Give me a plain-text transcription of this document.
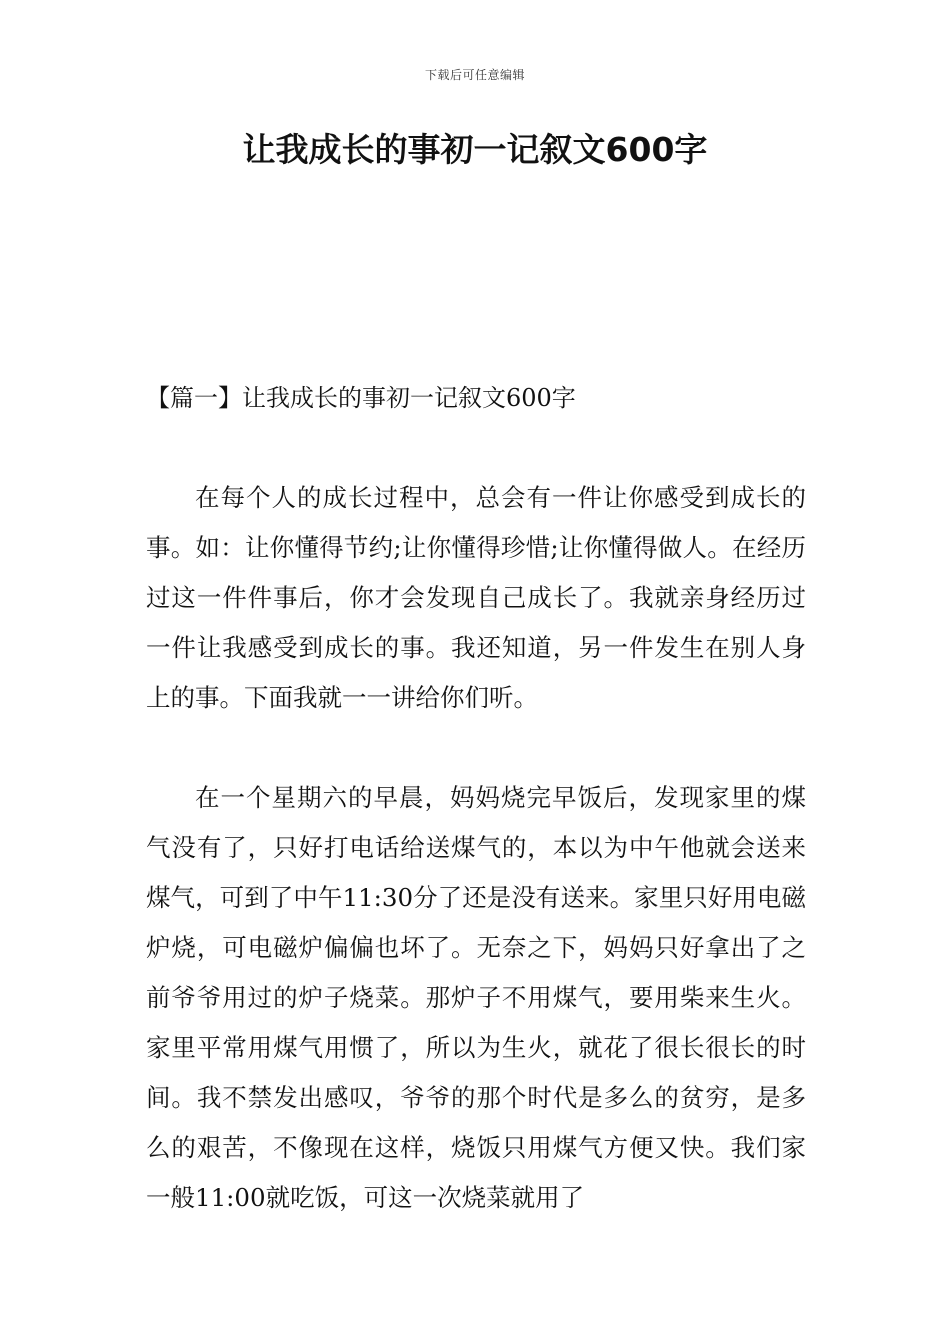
下载后可任意编辑
让我成长的事初一记叙文600字
【篇一】让我成长的事初一记叙文600字

在每个人的成长过程中，总会有一件让你感受到成长的事。如：让你懂得节约;让你懂得珍惜;让你懂得做人。在经历过这一件件事后，你才会发现自己成长了。我就亲身经历过一件让我感受到成长的事。我还知道，另一件发生在别人身上的事。下面我就一一讲给你们听。

在一个星期六的早晨，妈妈烧完早饭后，发现家里的煤气没有了，只好打电话给送煤气的，本以为中午他就会送来煤气，可到了中午11:30分了还是没有送来。家里只好用电磁炉烧，可电磁炉偏偏也坏了。无奈之下，妈妈只好拿出了之前爷爷用过的炉子烧菜。那炉子不用煤气，要用柴来生火。家里平常用煤气用惯了，所以为生火，就花了很长很长的时间。我不禁发出感叹，爷爷的那个时代是多么的贫穷，是多么的艰苦，不像现在这样，烧饭只用煤气方便又快。我们家一般11:00就吃饭，可这一次烧菜就用了
